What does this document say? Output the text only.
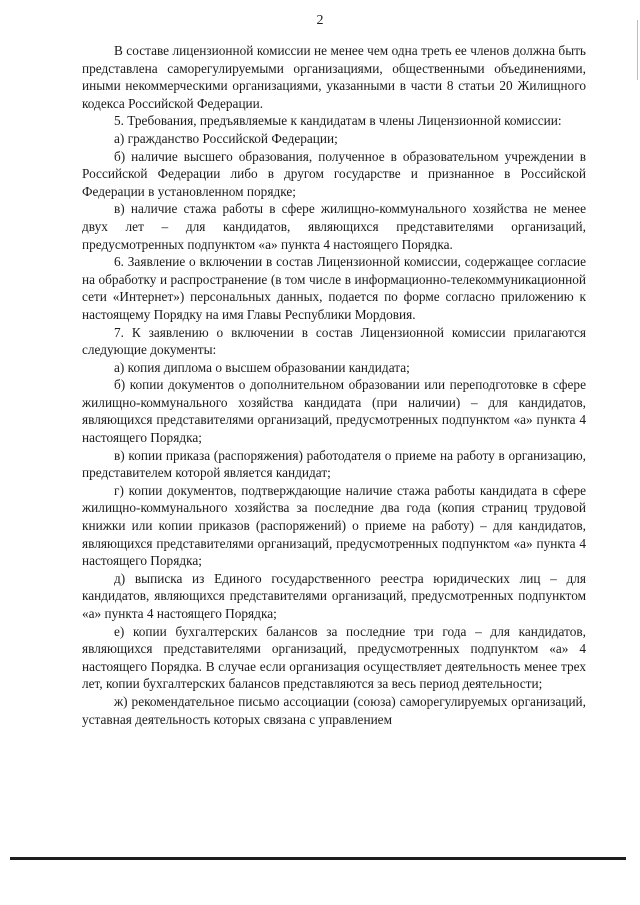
2

В составе лицензионной комиссии не менее чем одна треть ее членов должна быть представлена саморегулируемыми организациями, общественными объединениями, иными некоммерческими организациями, указанными в части 8 статьи 20 Жилищного кодекса Российской Федерации.

5. Требования, предъявляемые к кандидатам в члены Лицензионной комиссии:

а) гражданство Российской Федерации;

б) наличие высшего образования, полученное в образовательном учреждении в Российской Федерации либо в другом государстве и признанное в Российской Федерации в установленном порядке;

в) наличие стажа работы в сфере жилищно-коммунального хозяйства не менее двух лет – для кандидатов, являющихся представителями организаций, предусмотренных подпунктом «а» пункта 4 настоящего Порядка.

6. Заявление о включении в состав Лицензионной комиссии, содержащее согласие на обработку и распространение (в том числе в информационно-телекоммуникационной сети «Интернет») персональных данных, подается по форме согласно приложению к настоящему Порядку на имя Главы Республики Мордовия.

7. К заявлению о включении в состав Лицензионной комиссии прилагаются следующие документы:

а) копия диплома о высшем образовании кандидата;

б) копии документов о дополнительном образовании или переподготовке в сфере жилищно-коммунального хозяйства кандидата (при наличии) – для кандидатов, являющихся представителями организаций, предусмотренных подпунктом «а» пункта 4 настоящего Порядка;

в) копии приказа (распоряжения) работодателя о приеме на работу в организацию, представителем которой является кандидат;

г) копии документов, подтверждающие наличие стажа работы кандидата в сфере жилищно-коммунального хозяйства за последние два года (копия страниц трудовой книжки или копии приказов (распоряжений) о приеме на работу) – для кандидатов, являющихся представителями организаций, предусмотренных подпунктом «а» пункта 4 настоящего Порядка;

д) выписка из Единого государственного реестра юридических лиц – для кандидатов, являющихся представителями организаций, предусмотренных подпунктом «а» пункта 4 настоящего Порядка;

е) копии бухгалтерских балансов за последние три года – для кандидатов, являющихся представителями организаций, предусмотренных подпунктом «а» 4 настоящего Порядка. В случае если организация осуществляет деятельность менее трех лет, копии бухгалтерских балансов представляются за весь период деятельности;

ж) рекомендательное письмо ассоциации (союза) саморегулируемых организаций, уставная деятельность которых связана с управлением
